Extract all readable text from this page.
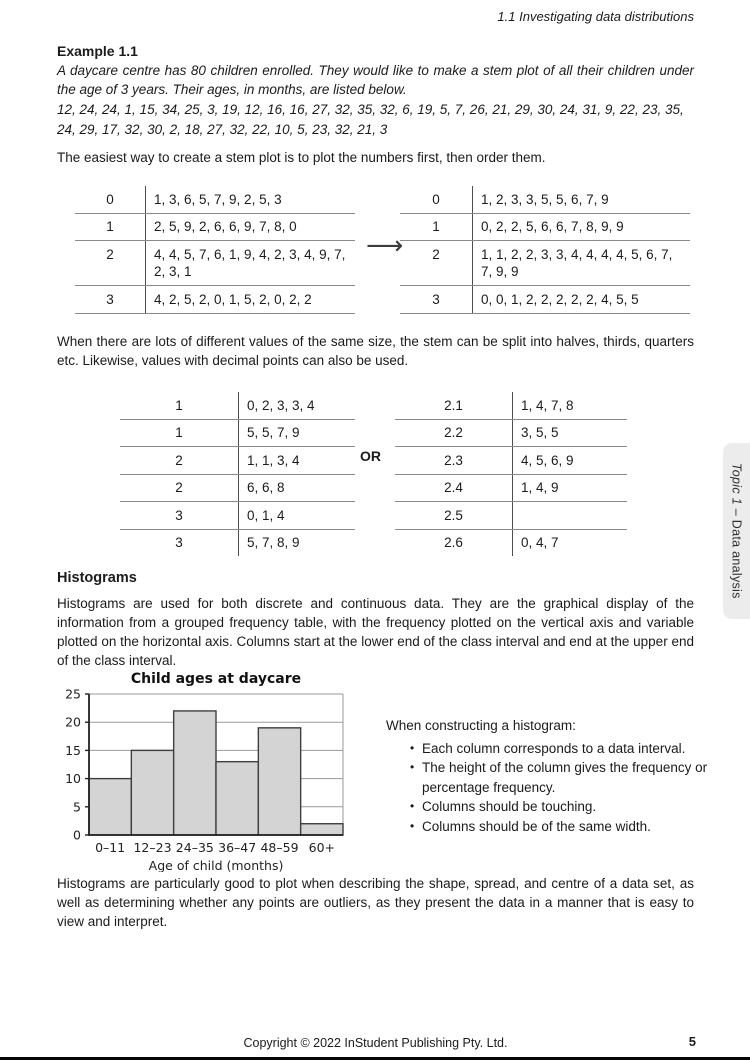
1.1 Investigating data distributions
Example 1.1
A daycare centre has 80 children enrolled. They would like to make a stem plot of all their children under the age of 3 years. Their ages, in months, are listed below.
12, 24, 24, 1, 15, 34, 25, 3, 19, 12, 16, 16, 27, 32, 35, 32, 6, 19, 5, 7, 26, 21, 29, 30, 24, 31, 9, 22, 23, 35,
24, 29, 17, 32, 30, 2, 18, 27, 32, 22, 10, 5, 23, 32, 21, 3
The easiest way to create a stem plot is to plot the numbers first, then order them.
0	1, 3, 6, 5, 7, 9, 2, 5, 3
1	2, 5, 9, 2, 6, 6, 9, 7, 8, 0
2	4, 4, 5, 7, 6, 1, 9, 4, 2, 3, 4, 9, 7, 2, 3, 1
3	4, 2, 5, 2, 0, 1, 5, 2, 0, 2, 2
⟶
0	1, 2, 3, 3, 5, 5, 6, 7, 9
1	0, 2, 2, 5, 6, 6, 7, 8, 9, 9
2	1, 1, 2, 2, 3, 3, 4, 4, 4, 4, 5, 6, 7, 7, 9, 9
3	0, 0, 1, 2, 2, 2, 2, 2, 4, 5, 5
When there are lots of different values of the same size, the stem can be split into halves, thirds, quarters etc. Likewise, values with decimal points can also be used.
1	0, 2, 3, 3, 4
1	5, 5, 7, 9
2	1, 1, 3, 4
2	6, 6, 8
3	0, 1, 4
3	5, 7, 8, 9
OR
2.1	1, 4, 7, 8
2.2	3, 5, 5
2.3	4, 5, 6, 9
2.4	1, 4, 9
2.5
2.6	0, 4, 7
Histograms
Histograms are used for both discrete and continuous data. They are the graphical display of the information from a grouped frequency table, with the frequency plotted on the vertical axis and variable plotted on the horizontal axis. Columns start at the lower end of the class interval and end at the upper end of the class interval.
0
5
10
15
20
25
0–11 12–23 24–35 36–47 48–59 60+
Child ages at daycare
Age of child (months)
When constructing a histogram:
• Each column corresponds to a data interval.
• The height of the column gives the frequency or percentage frequency.
• Columns should be touching.
• Columns should be of the same width.
Histograms are particularly good to plot when describing the shape, spread, and centre of a data set, as well as determining whether any points are outliers, as they present the data in a manner that is easy to view and interpret.
Topic 1 – Data analysis
Copyright © 2022 InStudent Publishing Pty. Ltd.	5
